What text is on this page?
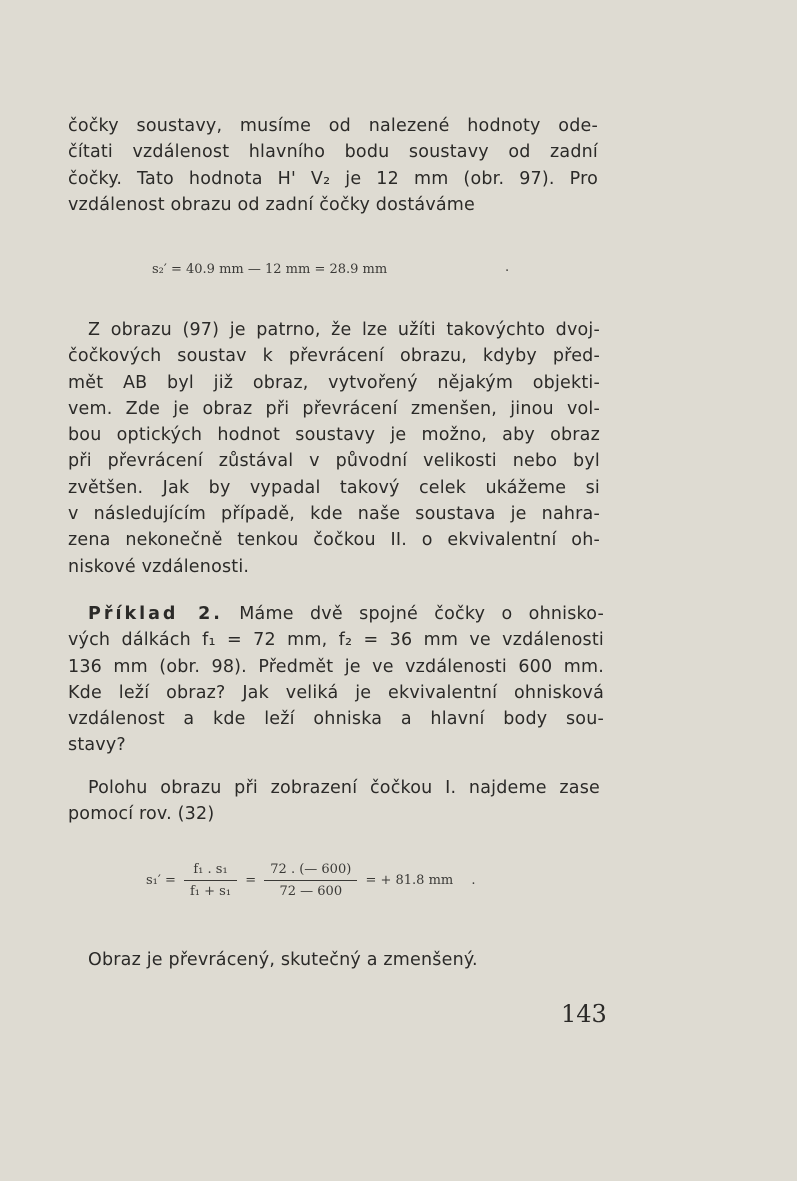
čočky soustavy, musíme od nalezené hodnoty ode-
čítati vzdálenost hlavního bodu soustavy od zadní
čočky. Tato hodnota H' V₂ je 12 mm (obr. 97). Pro
vzdálenost obrazu od zadní čočky dostáváme
s₂′ = 40.9 mm — 12 mm = 28.9 mm	.
Z obrazu (97) je patrno, že lze užíti takovýchto dvoj-
čočkových soustav k převrácení obrazu, kdyby před-
mět AB byl již obraz, vytvořený nějakým objekti-
vem. Zde je obraz při převrácení zmenšen, jinou vol-
bou optických hodnot soustavy je možno, aby obraz
při převrácení zůstával v původní velikosti nebo byl
zvětšen. Jak by vypadal takový celek ukážeme si
v následujícím případě, kde naše soustava je nahra-
zena nekonečně tenkou čočkou II. o ekvivalentní oh-
niskové vzdálenosti.
Příklad 2. Máme dvě spojné čočky o ohnisko-
vých dálkách f₁ = 72 mm, f₂ = 36 mm ve vzdálenosti
136 mm (obr. 98). Předmět je ve vzdálenosti 600 mm.
Kde leží obraz? Jak veliká je ekvivalentní ohnisková
vzdálenost a kde leží ohniska a hlavní body sou-
stavy?
Polohu obrazu při zobrazení čočkou I. najdeme zase
pomocí rov. (32)
$s_1' = \frac{\text{f₁ . s₁}}{\text{f₁ + s₁}} = \frac{72 . (— 600)}{72 — 600}$ = + 81.8 mm .
Obraz je převrácený, skutečný a zmenšený.
143
